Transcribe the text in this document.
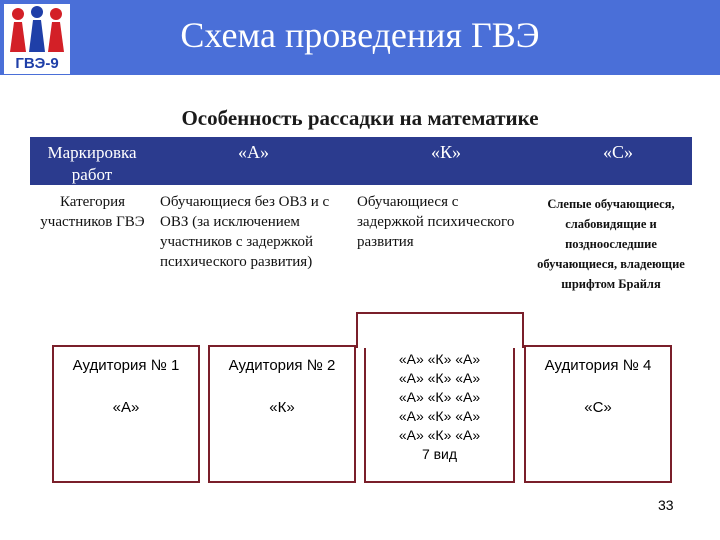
ГВЭ-9
Схема проведения ГВЭ
Особенность рассадки на математике
Маркировка работ
«А»	«К»	«С»
Категория участников ГВЭ
Обучающиеся без ОВЗ и с ОВЗ (за исключением участников с задержкой психического развития)
Обучающиеся с задержкой психического развития
Слепые обучающиеся, слабовидящие и позднооследшие обучающиеся, владеющие шрифтом Брайля
Аудитория № 1
«А»
Аудитория № 2
«К»
«А» «К» «А»
«А» «К» «А»
«А» «К» «А»
«А» «К» «А»
«А» «К» «А»
7 вид
Аудитория № 4
«С»
33
